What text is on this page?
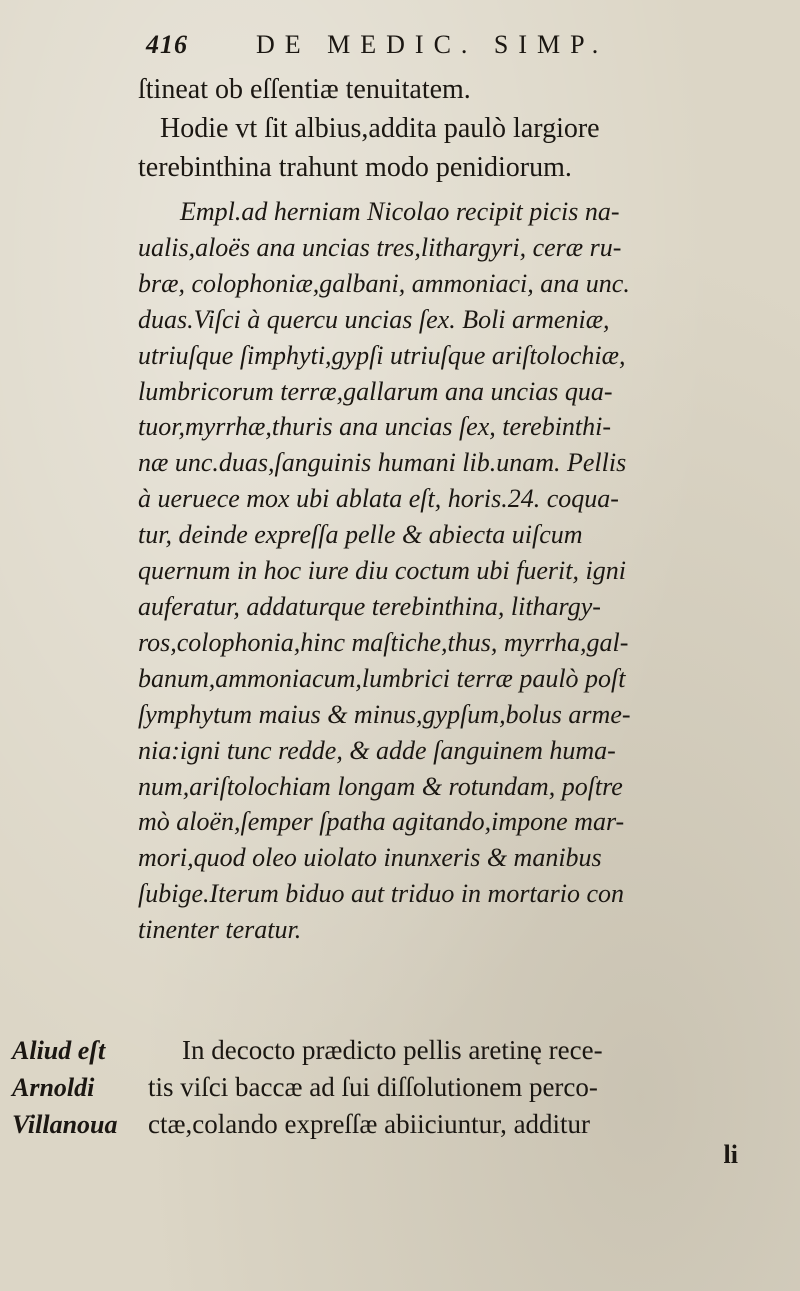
416	DE MEDIC. SIMP.

ſtineat ob eſſentiæ tenuitatem.

Hodie vt ſit albius,addita paulò largiore

terebinthina trahunt modo penidiorum.

Empl.ad herniam Nicolao recipit picis na-

ualis,aloës ana uncias tres,lithargyri, ceræ ru-

bræ, colophoniæ,galbani, ammoniaci, ana unc.

duas.Viſci à quercu uncias ſex. Boli armeniæ,

utriuſque ſimphyti,gypſi utriuſque ariſtolochiæ,

lumbricorum terræ,gallarum ana uncias qua-

tuor,myrrhæ,thuris ana uncias ſex, terebinthi-

næ unc.duas,ſanguinis humani lib.unam. Pellis

à ueruece mox ubi ablata eſt, horis.24. coqua-

tur, deinde expreſſa pelle & abiecta uiſcum

quernum in hoc iure diu coctum ubi fuerit, igni

auferatur, addaturque terebinthina, lithargy-

ros,colophonia,hinc maſtiche,thus, myrrha,gal-

banum,ammoniacum,lumbrici terræ paulò poſt

ſymphytum maius & minus,gypſum,bolus arme-

nia:igni tunc redde, & adde ſanguinem huma-

num,ariſtolochiam longam & rotundam, poſtre

mò aloën,ſemper ſpatha agitando,impone mar-

mori,quod oleo uiolato inunxeris & manibus

ſubige.Iterum biduo aut triduo in mortario con

tinenter teratur.

Aliud eſt

Arnoldi

Villanoua

In decocto prædicto pellis aretinę rece-

tis viſci baccæ ad ſui diſſolutionem perco-

ctæ,colando expreſſæ abiiciuntur, additur

li
